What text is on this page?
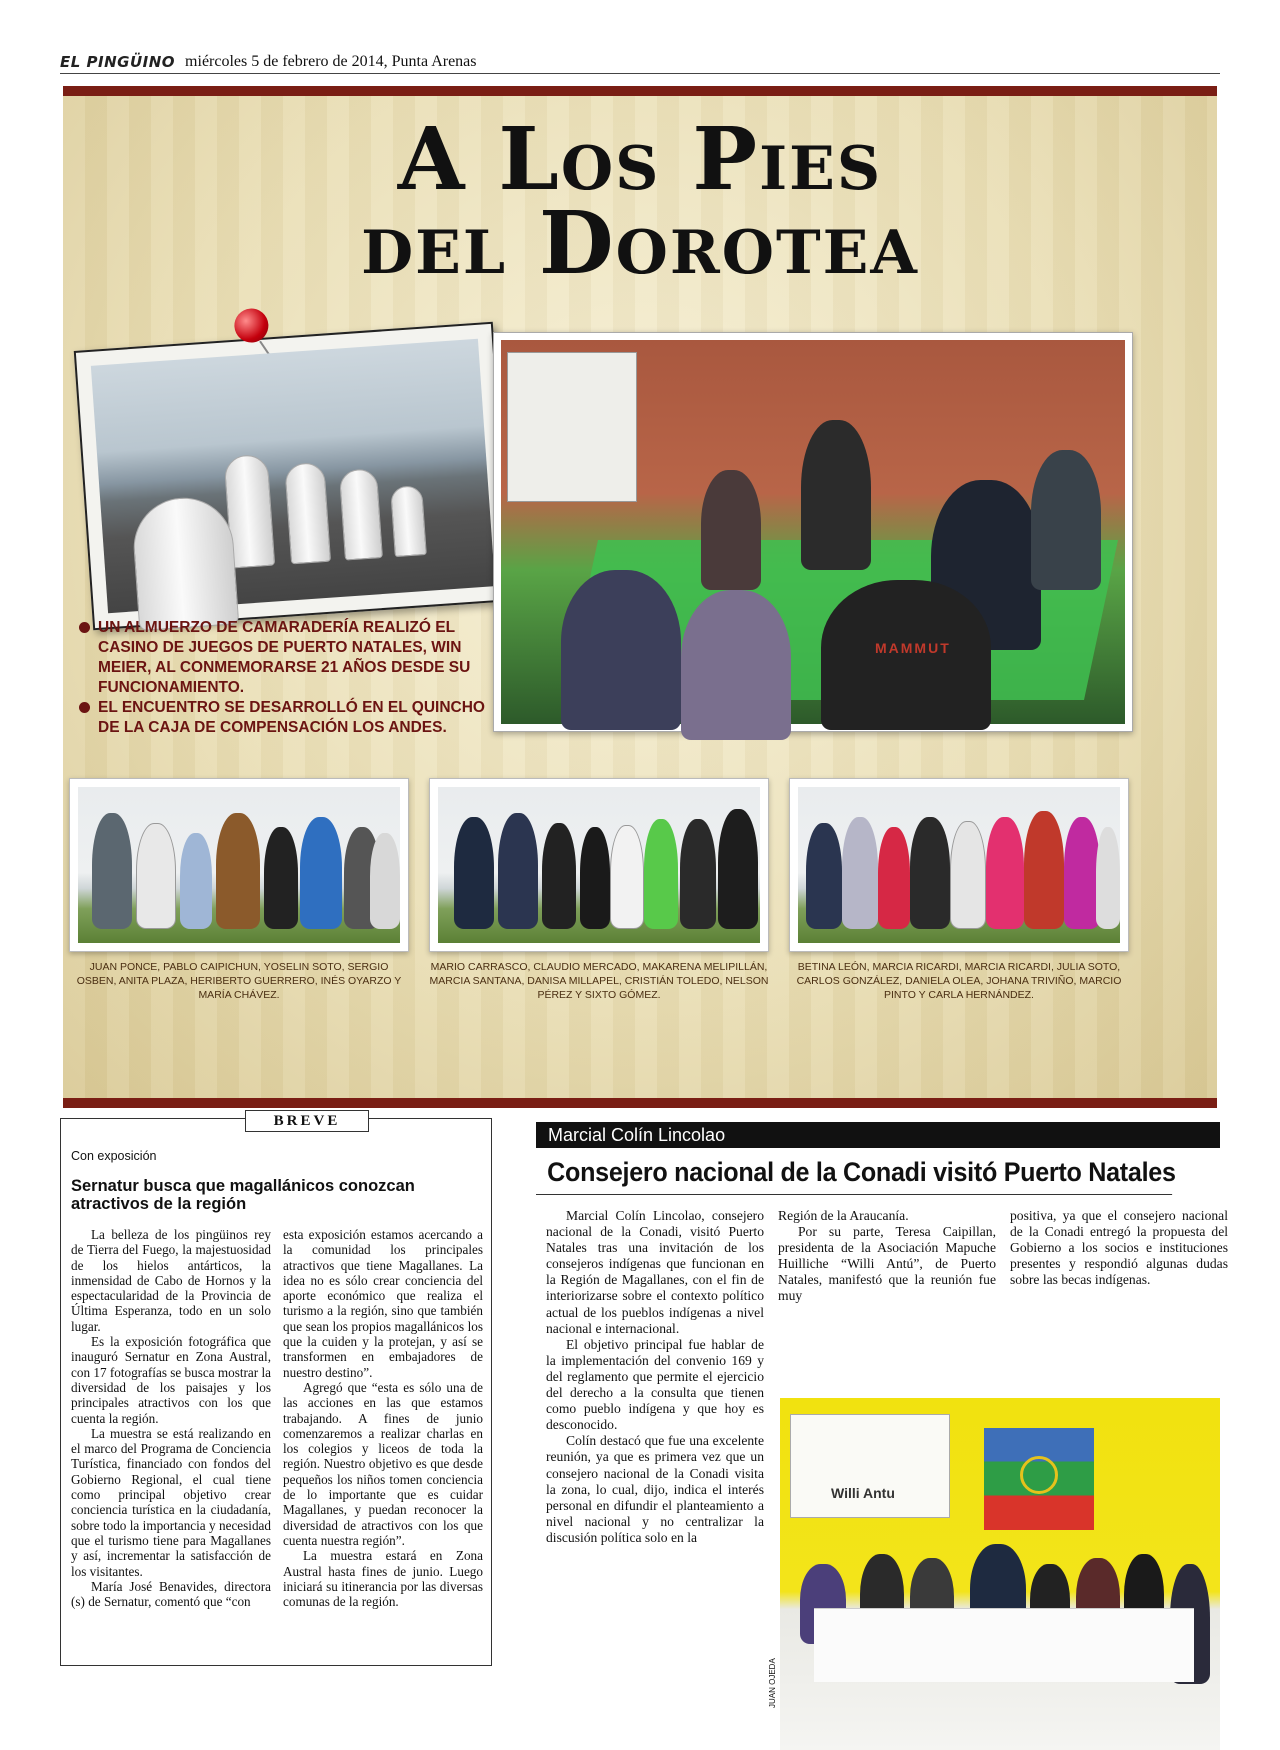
EL PINGÜINO miércoles 5 de febrero de 2014, Punta Arenas
A Los Pies
del Dorotea
MAMMUT
UN ALMUERZO DE CAMARADERÍA REALIZÓ EL CASINO DE JUEGOS DE PUERTO NATALES, WIN MEIER, AL CONMEMORARSE 21 AÑOS DESDE SU FUNCIONAMIENTO.
EL ENCUENTRO SE DESARROLLÓ EN EL QUINCHO DE LA CAJA DE COMPENSACIÓN LOS ANDES.
JUAN PONCE, PABLO CAIPICHUN, YOSELIN SOTO, SERGIO OSBEN, ANITA PLAZA, HERIBERTO GUERRERO, INÉS OYARZO Y MARÍA CHÁVEZ.
MARIO CARRASCO, CLAUDIO MERCADO, MAKARENA MELIPILLÁN, MARCIA SANTANA, DANISA MILLAPEL, CRISTIÁN TOLEDO, NELSON PÉREZ Y SIXTO GÓMEZ.
BETINA LEÓN, MARCIA RICARDI, MARCIA RICARDI, JULIA SOTO, CARLOS GONZÁLEZ, DANIELA OLEA, JOHANA TRIVIÑO, MARCIO PINTO Y CARLA HERNÁNDEZ.
BREVE
Con exposición
Sernatur busca que magallánicos conozcan atractivos de la región

La belleza de los pingüinos rey de Tierra del Fuego, la majestuosidad de los hielos antárticos, la inmensidad de Cabo de Hornos y la espectacularidad de la Provincia de Última Esperanza, todo en un solo lugar.

Es la exposición fotográfica que inauguró Sernatur en Zona Austral, con 17 fotografías se busca mostrar la diversidad de los paisajes y los principales atractivos con los que cuenta la región.

La muestra se está realizando en el marco del Programa de Conciencia Turística, financiado con fondos del Gobierno Regional, el cual tiene como principal objetivo crear conciencia turística en la ciudadanía, sobre todo la importancia y necesidad que el turismo tiene para Magallanes y así, incrementar la satisfacción de los visitantes.

María José Benavides, directora (s) de Sernatur, comentó que “con

esta exposición estamos acercando a la comunidad los principales atractivos que tiene Magallanes. La idea no es sólo crear conciencia del aporte económico que realiza el turismo a la región, sino que también que sean los propios magallánicos los que la cuiden y la protejan, y así se transformen en embajadores de nuestro destino”.

Agregó que “esta es sólo una de las acciones en las que estamos trabajando. A fines de junio comenzaremos a realizar charlas en los colegios y liceos de toda la región. Nuestro objetivo es que desde pequeños los niños tomen conciencia de lo importante que es cuidar Magallanes, y puedan reconocer la diversidad de atractivos con los que cuenta nuestra región”.

La muestra estará en Zona Austral hasta fines de junio. Luego iniciará su itinerancia por las diversas comunas de la región.

Marcial Colín Lincolao
Consejero nacional de la Conadi visitó Puerto Natales

Marcial Colín Lincolao, consejero nacional de la Conadi, visitó Puerto Natales tras una invitación de los consejeros indígenas que funcionan en la Región de Magallanes, con el fin de interiorizarse sobre el contexto político actual de los pueblos indígenas a nivel nacional e internacional.

El objetivo principal fue hablar de la implementación del convenio 169 y del reglamento que permite el ejercicio del derecho a la consulta que tienen como pueblo indígena y que hoy es desconocido.

Colín destacó que fue una excelente reunión, ya que es primera vez que un consejero nacional de la Conadi visita la zona, lo cual, dijo, indica el interés personal en difundir el planteamiento a nivel nacional y no centralizar la discusión política solo en la

Región de la Araucanía.

Por su parte, Teresa Caipillan, presidenta de la Asociación Mapuche Huilliche “Willi Antú”, de Puerto Natales, manifestó que la reunión fue muy

positiva, ya que el consejero nacional de la Conadi entregó la propuesta del Gobierno a los socios e instituciones presentes y respondió algunas dudas sobre las becas indígenas.

JUAN OJEDA
Willi Antu
